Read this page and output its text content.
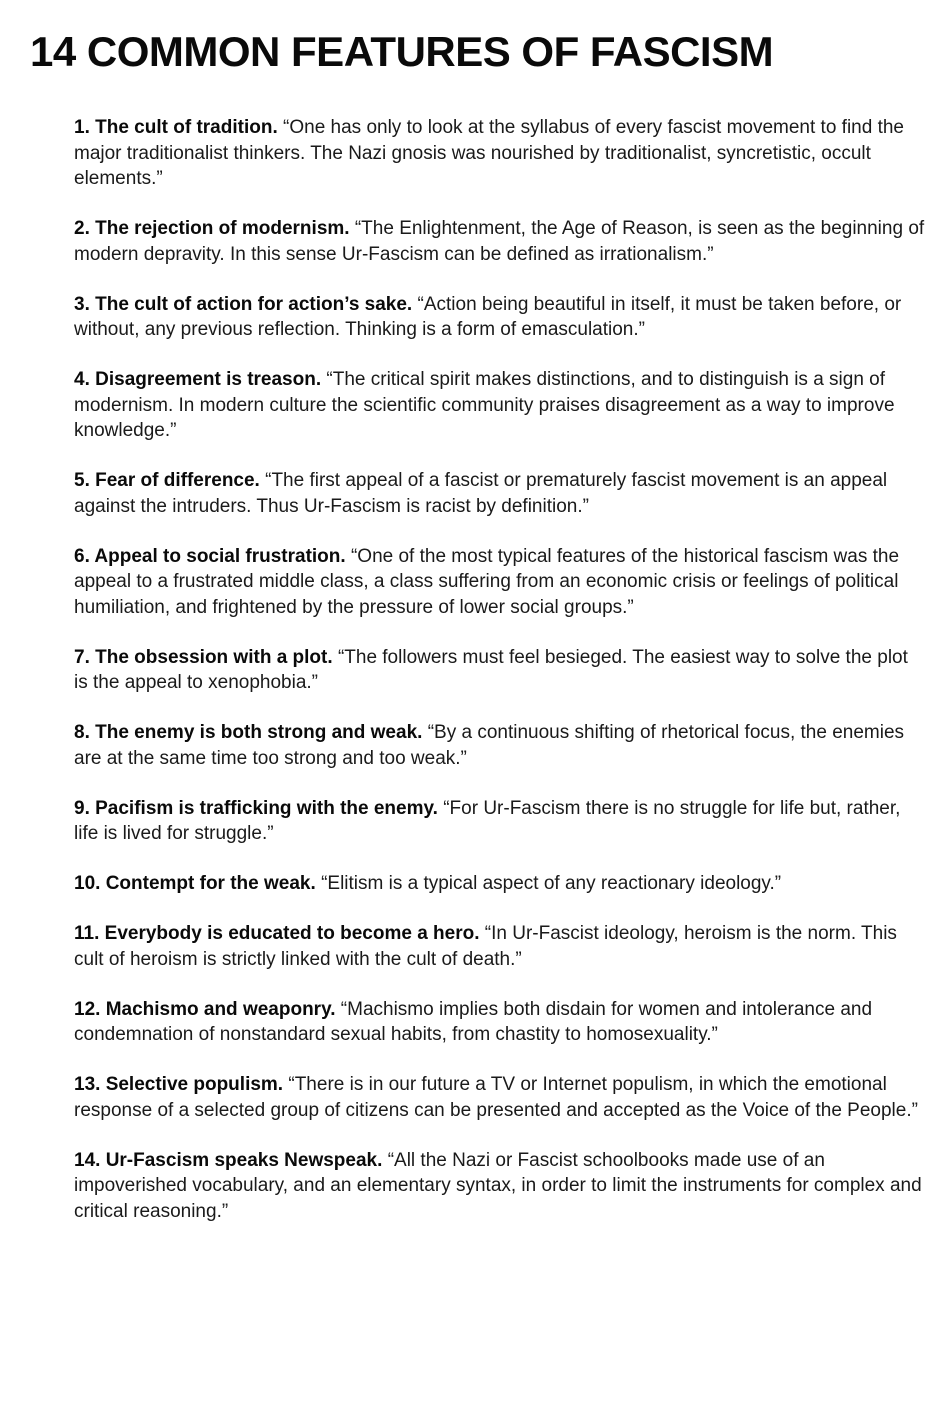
14 COMMON FEATURES OF FASCISM
1. The cult of tradition. “One has only to look at the syllabus of every fascist movement to find the major traditionalist thinkers. The Nazi gnosis was nourished by traditionalist, syncretistic, occult elements.”
2. The rejection of modernism. “The Enlightenment, the Age of Reason, is seen as the beginning of modern depravity. In this sense Ur-Fascism can be defined as irrationalism.”
3. The cult of action for action’s sake. “Action being beautiful in itself, it must be taken before, or without, any previous reflection. Thinking is a form of emasculation.”
4. Disagreement is treason. “The critical spirit makes distinctions, and to distinguish is a sign of modernism. In modern culture the scientific community praises disagreement as a way to improve knowledge.”
5. Fear of difference. “The first appeal of a fascist or prematurely fascist movement is an appeal against the intruders. Thus Ur-Fascism is racist by definition.”
6. Appeal to social frustration. “One of the most typical features of the historical fascism was the appeal to a frustrated middle class, a class suffering from an economic crisis or feelings of political humiliation, and frightened by the pressure of lower social groups.”
7. The obsession with a plot. “The followers must feel besieged. The easiest way to solve the plot is the appeal to xenophobia.”
8. The enemy is both strong and weak. “By a continuous shifting of rhetorical focus, the enemies are at the same time too strong and too weak.”
9. Pacifism is trafficking with the enemy. “For Ur-Fascism there is no struggle for life but, rather, life is lived for struggle.”
10. Contempt for the weak. “Elitism is a typical aspect of any reactionary ideology.”
11. Everybody is educated to become a hero. “In Ur-Fascist ideology, heroism is the norm. This cult of heroism is strictly linked with the cult of death.”
12. Machismo and weaponry. “Machismo implies both disdain for women and intolerance and condemnation of nonstandard sexual habits, from chastity to homosexuality.”
13. Selective populism. “There is in our future a TV or Internet populism, in which the emotional response of a selected group of citizens can be presented and accepted as the Voice of the People.”
14. Ur-Fascism speaks Newspeak. “All the Nazi or Fascist schoolbooks made use of an impoverished vocabulary, and an elementary syntax, in order to limit the instruments for complex and critical reasoning.”
